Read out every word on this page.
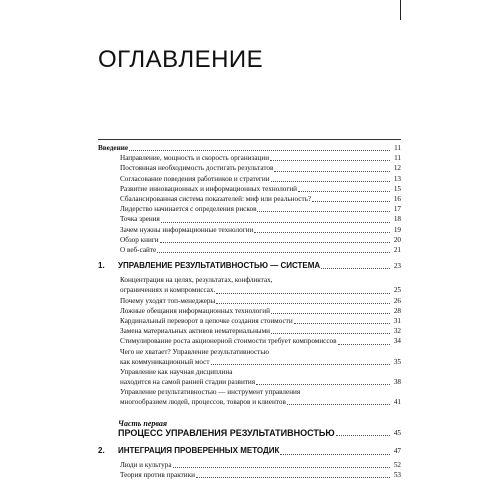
ОГЛАВЛЕНИЕ
Введение	11
Направление, мощность и скорость организации	11
Постоянная необходимость достигать результатов	12
Согласование поведения работников и стратегии	13
Развитие инновационных и информационных технологий	15
Сбалансированная система показателей: миф или реальность?	16
Лидерство начинается с определения рисков	17
Точка зрения	18
Зачем нужны информационные технологии	19
Обзор книги	20
О веб-сайте	21
1.	УПРАВЛЕНИЕ РЕЗУЛЬТАТИВНОСТЬЮ — СИСТЕМА	23
Концентрация на целях, результатах, конфликтах,
ограничениях и компромиссах.	25
Почему уходят топ-менеджеры	26
Ложные обещания информационных технологий	28
Кардинальный переворот в цепочке создания стоимости	31
Замена материальных активов нематериальными	32
Стимулирование роста акционерной стоимости требует компромиссов	34
Чего не хватает? Управление результативностью
как коммуникационный мост	35
Управление как научная дисциплина
находится на самой ранней стадии развития	38
Управление результативностью — инструмент управления
многообразием людей, процессов, товаров и клиентов	41
Часть первая
ПРОЦЕСС УПРАВЛЕНИЯ РЕЗУЛЬТАТИВНОСТЬЮ	45
2.	ИНТЕГРАЦИЯ ПРОВЕРЕННЫХ МЕТОДИК	47
Люди и культура	52
Теория против практики	53
